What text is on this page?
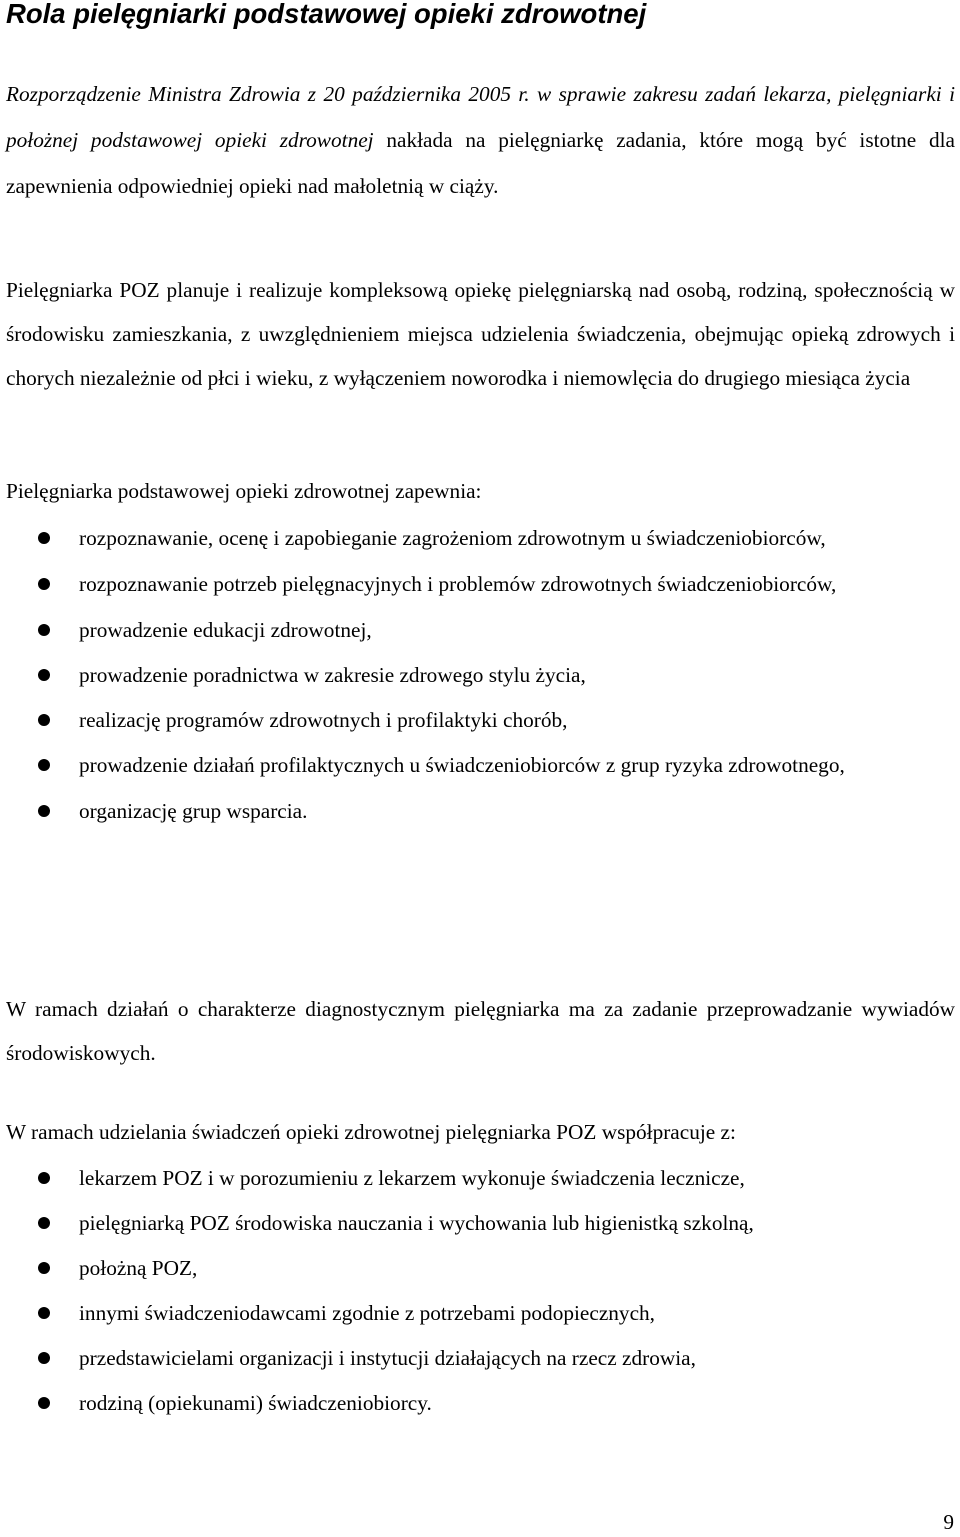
Rola pielęgniarki podstawowej opieki zdrowotnej

Rozporządzenie Ministra Zdrowia z 20 października 2005 r. w sprawie zakresu zadań lekarza, pielęgniarki i położnej podstawowej opieki zdrowotnej nakłada na pielęgniarkę zadania, które mogą być istotne dla zapewnienia odpowiedniej opieki nad małoletnią w ciąży.

Pielęgniarka POZ planuje i realizuje kompleksową opiekę pielęgniarską nad osobą, rodziną, społecznością w środowisku zamieszkania, z uwzględnieniem miejsca udzielenia świadczenia, obejmując opieką zdrowych i chorych niezależnie od płci i wieku, z wyłączeniem noworodka i niemowlęcia do drugiego miesiąca życia

Pielęgniarka podstawowej opieki zdrowotnej zapewnia:

rozpoznawanie, ocenę i zapobieganie zagrożeniom zdrowotnym u świadczeniobiorców,
rozpoznawanie potrzeb pielęgnacyjnych i problemów zdrowotnych świadczeniobiorców,
prowadzenie edukacji zdrowotnej,
prowadzenie poradnictwa w zakresie zdrowego stylu życia,
realizację programów zdrowotnych i profilaktyki chorób,
prowadzenie działań profilaktycznych u świadczeniobiorców z grup ryzyka zdrowotnego,
organizację grup wsparcia.

W ramach działań o charakterze diagnostycznym pielęgniarka ma za zadanie przeprowadzanie wywiadów środowiskowych.

W ramach udzielania świadczeń opieki zdrowotnej pielęgniarka POZ współpracuje z:

lekarzem POZ i w porozumieniu z lekarzem wykonuje świadczenia lecznicze,
pielęgniarką POZ środowiska nauczania i wychowania lub higienistką szkolną,
położną POZ,
innymi świadczeniodawcami zgodnie z potrzebami podopiecznych,
przedstawicielami organizacji i instytucji działających na rzecz zdrowia,
rodziną (opiekunami) świadczeniobiorcy.

9
